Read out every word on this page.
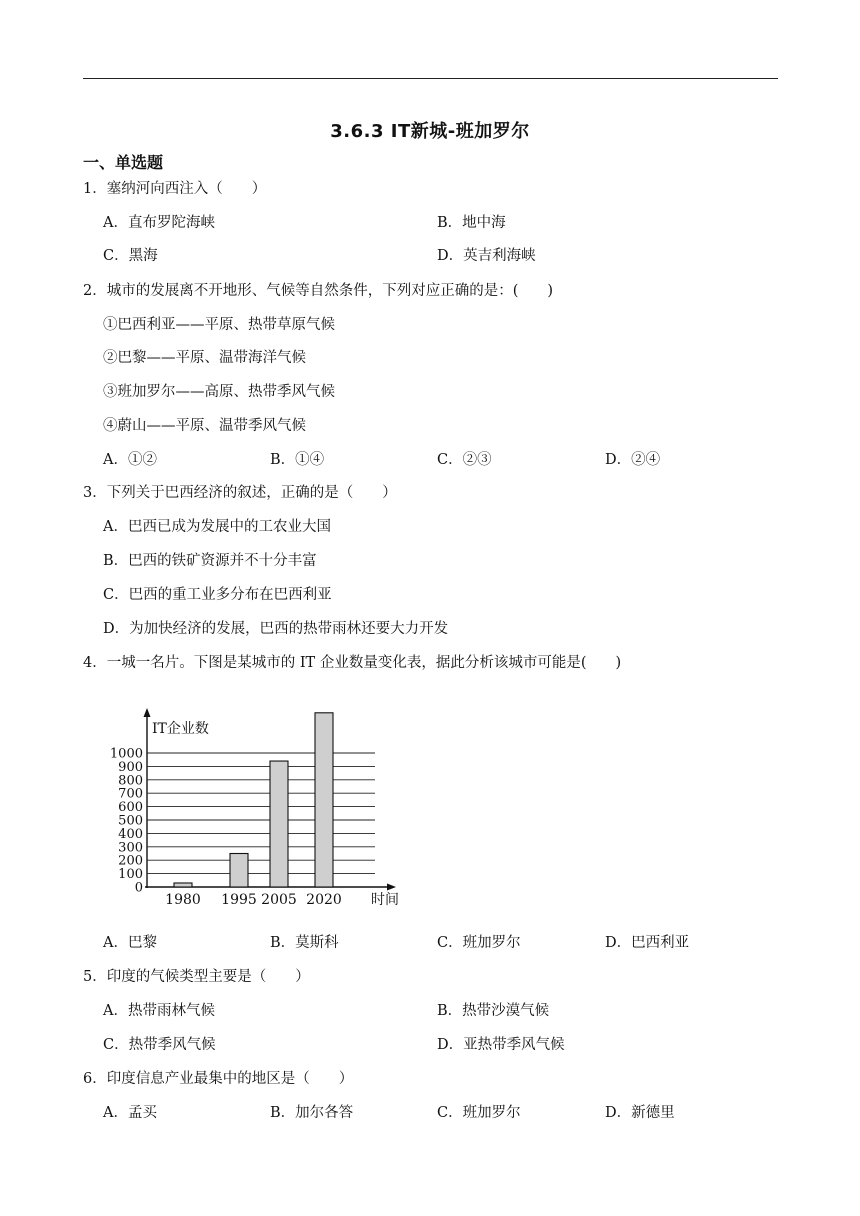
3.6.3 IT新城-班加罗尔
一、单选题
1．塞纳河向西注入（　　）
A．直布罗陀海峡	B．地中海
C．黑海	D．英吉利海峡
2．城市的发展离不开地形、气候等自然条件，下列对应正确的是：(　　)
①巴西利亚——平原、热带草原气候
②巴黎——平原、温带海洋气候
③班加罗尔——高原、热带季风气候
④蔚山——平原、温带季风气候
A．①②	B．①④	C．②③	D．②④
3．下列关于巴西经济的叙述，正确的是（　　）
A．巴西已成为发展中的工农业大国
B．巴西的铁矿资源并不十分丰富
C．巴西的重工业多分布在巴西利亚
D．为加快经济的发展，巴西的热带雨林还要大力开发
4．一城一名片。下图是某城市的 IT 企业数量变化表，据此分析该城市可能是(　　)
0
100
200
300
400
500
600
700
800
900
1000
IT企业数
1980 1995 2005 2020 时间
A．巴黎	B．莫斯科	C．班加罗尔	D．巴西利亚
5．印度的气候类型主要是（　　）
A．热带雨林气候	B．热带沙漠气候
C．热带季风气候	D．亚热带季风气候
6．印度信息产业最集中的地区是（　　）
A．孟买	B．加尔各答	C．班加罗尔	D．新德里
